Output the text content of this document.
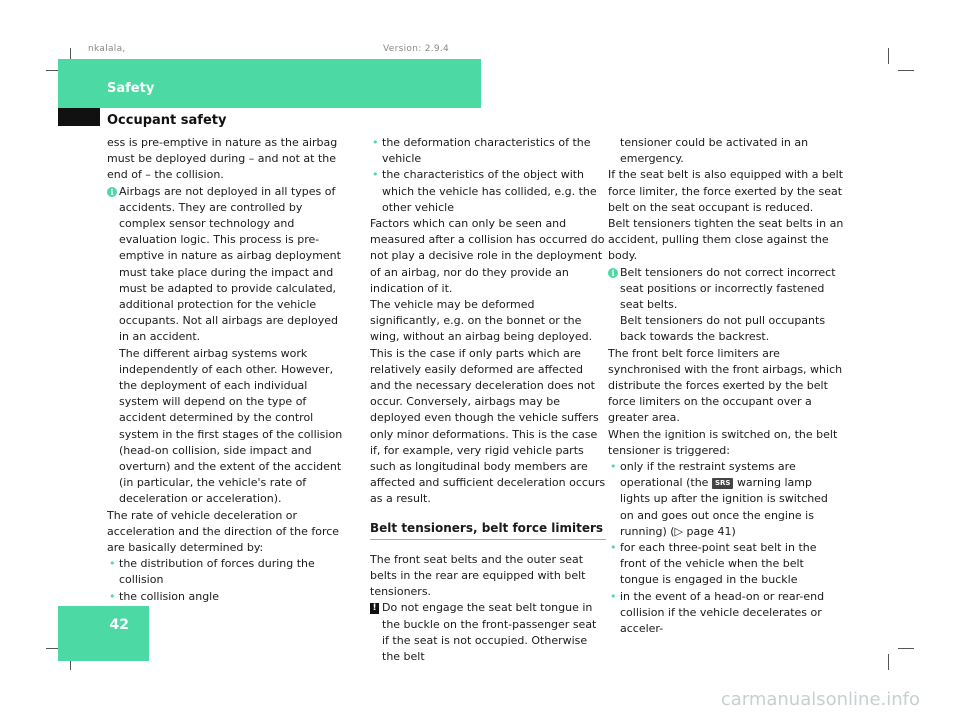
nkalala,	Version: 2.9.4
Safety
Occupant safety

ess is pre-emptive in nature as the airbag must be deployed during – and not at the end of – the collision.

i Airbags are not deployed in all types of accidents. They are controlled by complex sensor technology and evaluation logic. This process is pre-emptive in nature as airbag deployment must take place during the impact and must be adapted to provide calculated, additional protection for the vehicle occupants. Not all airbags are deployed in an accident.

The different airbag systems work independently of each other. However, the deployment of each individual system will depend on the type of accident determined by the control system in the first stages of the collision (head-on collision, side impact and overturn) and the extent of the accident (in particular, the vehicle's rate of deceleration or acceleration).

The rate of vehicle deceleration or acceleration and the direction of the force are basically determined by:

• the distribution of forces during the collision
• the collision angle
• the deformation characteristics of the vehicle
• the characteristics of the object with which the vehicle has collided, e.g. the other vehicle

Factors which can only be seen and measured after a collision has occurred do not play a decisive role in the deployment of an airbag, nor do they provide an indication of it.

The vehicle may be deformed significantly, e.g. on the bonnet or the wing, without an airbag being deployed. This is the case if only parts which are relatively easily deformed are affected and the necessary deceleration does not occur. Conversely, airbags may be deployed even though the vehicle suffers only minor deformations. This is the case if, for example, very rigid vehicle parts such as longitudinal body members are affected and sufficient deceleration occurs as a result.

Belt tensioners, belt force limiters

The front seat belts and the outer seat belts in the rear are equipped with belt tensioners.

! Do not engage the seat belt tongue in the buckle on the front-passenger seat if the seat is not occupied. Otherwise the belt

tensioner could be activated in an emergency.

If the seat belt is also equipped with a belt force limiter, the force exerted by the seat belt on the seat occupant is reduced.

Belt tensioners tighten the seat belts in an accident, pulling them close against the body.

i Belt tensioners do not correct incorrect seat positions or incorrectly fastened seat belts.

Belt tensioners do not pull occupants back towards the backrest.

The front belt force limiters are synchronised with the front airbags, which distribute the forces exerted by the belt force limiters on the occupant over a greater area.

When the ignition is switched on, the belt tensioner is triggered:

• only if the restraint systems are operational (the SRS warning lamp lights up after the ignition is switched on and goes out once the engine is running) (▷ page 41)
• for each three-point seat belt in the front of the vehicle when the belt tongue is engaged in the buckle
• in the event of a head-on or rear-end collision if the vehicle decelerates or acceler-
42
carmanualsonline.info
